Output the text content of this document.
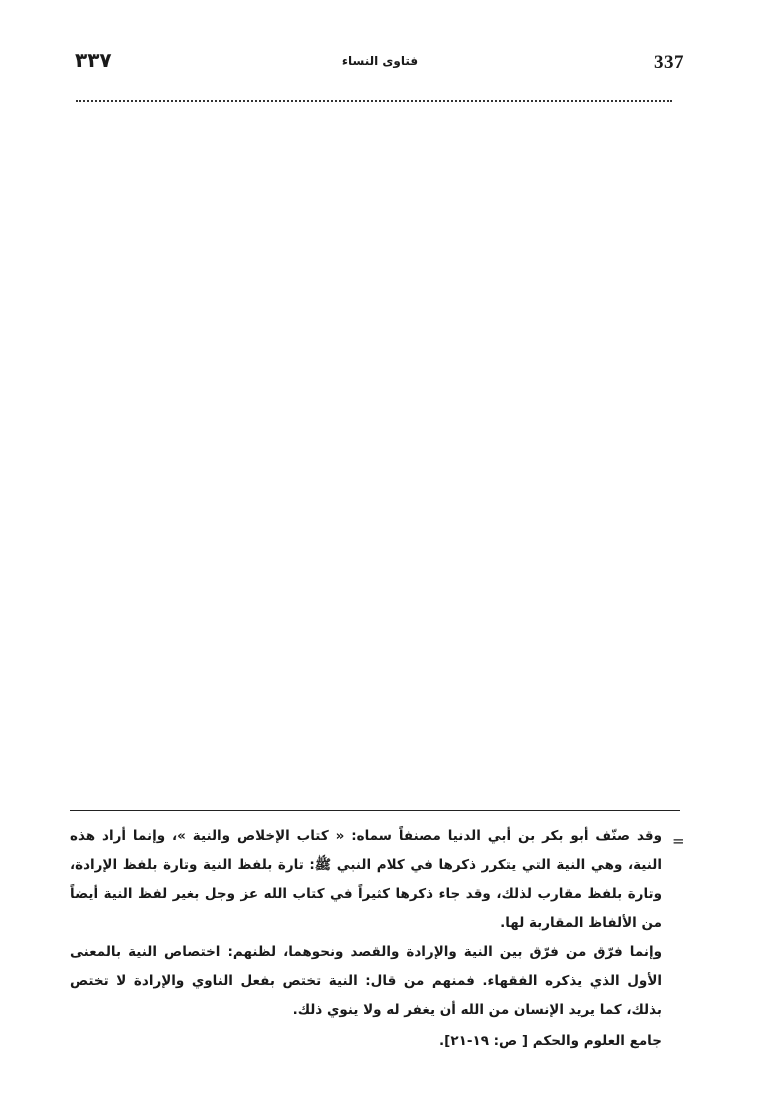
337
فتاوى النساء
٣٣٧
=

وقد صنّف أبو بكر بن أبي الدنيا مصنفاً سماه: « كتاب الإخلاص والنية »، وإنما أراد هذه النية، وهي النية التي يتكرر ذكرها في كلام النبي ﷺ: تارة بلفظ النية وتارة بلفظ الإرادة، وتارة بلفظ مقارب لذلك، وقد جاء ذكرها كثيراً في كتاب الله عز وجل بغير لفظ النية أيضاً من الألفاظ المقاربة لها.

وإنما فرّق من فرّق بين النية والإرادة والقصد ونحوهما، لظنهم: اختصاص النية بالمعنى الأول الذي يذكره الفقهاء. فمنهم من قال: النية تختص بفعل الناوي والإرادة لا تختص بذلك، كما يريد الإنسان من الله أن يغفر له ولا ينوي ذلك.

جامع العلوم والحكم [ ص: ١٩-٢١].
